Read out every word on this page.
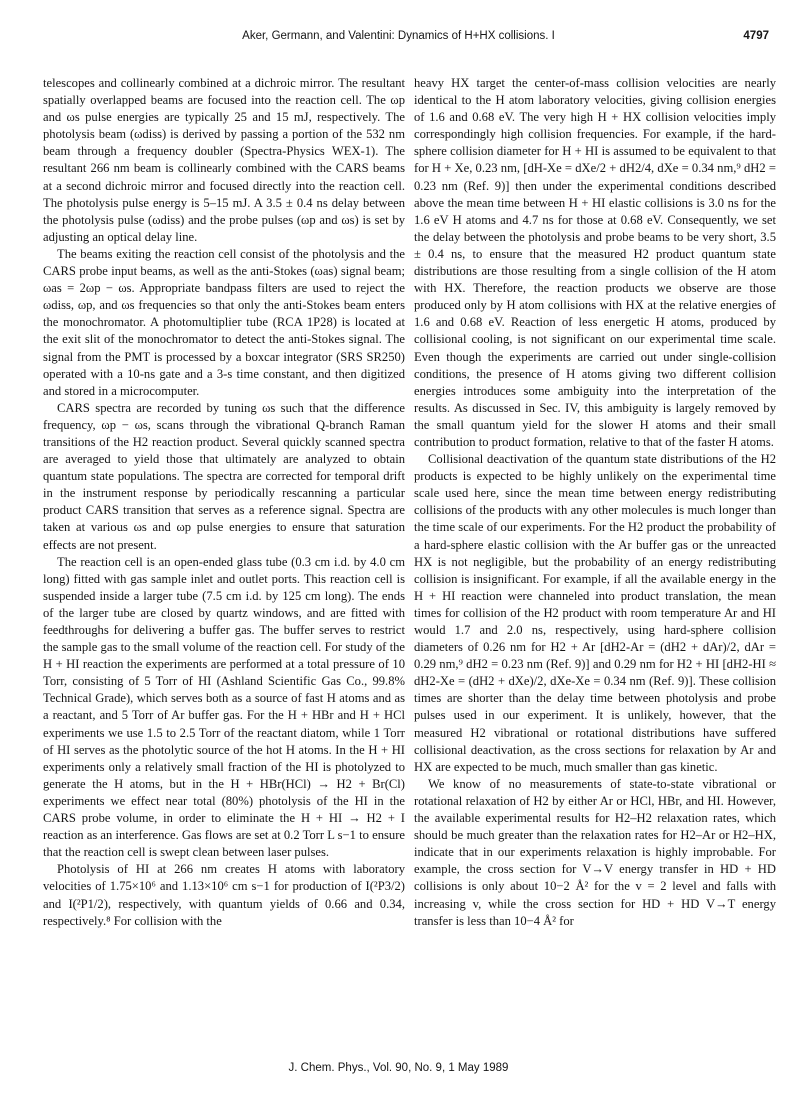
Aker, Germann, and Valentini: Dynamics of H+HX collisions. I	4797

telescopes and collinearly combined at a dichroic mirror. The resultant spatially overlapped beams are focused into the reaction cell. The ωp and ωs pulse energies are typically 25 and 15 mJ, respectively. The photolysis beam (ωdiss) is derived by passing a portion of the 532 nm beam through a frequency doubler (Spectra-Physics WEX-1). The resultant 266 nm beam is collinearly combined with the CARS beams at a second dichroic mirror and focused directly into the reaction cell. The photolysis pulse energy is 5–15 mJ. A 3.5 ± 0.4 ns delay between the photolysis pulse (ωdiss) and the probe pulses (ωp and ωs) is set by adjusting an optical delay line.

The beams exiting the reaction cell consist of the photolysis and the CARS probe input beams, as well as the anti-Stokes (ωas) signal beam; ωas = 2ωp − ωs. Appropriate bandpass filters are used to reject the ωdiss, ωp, and ωs frequencies so that only the anti-Stokes beam enters the monochromator. A photomultiplier tube (RCA 1P28) is located at the exit slit of the monochromator to detect the anti-Stokes signal. The signal from the PMT is processed by a boxcar integrator (SRS SR250) operated with a 10-ns gate and a 3-s time constant, and then digitized and stored in a microcomputer.

CARS spectra are recorded by tuning ωs such that the difference frequency, ωp − ωs, scans through the vibrational Q-branch Raman transitions of the H2 reaction product. Several quickly scanned spectra are averaged to yield those that ultimately are analyzed to obtain quantum state populations. The spectra are corrected for temporal drift in the instrument response by periodically rescanning a particular product CARS transition that serves as a reference signal. Spectra are taken at various ωs and ωp pulse energies to ensure that saturation effects are not present.

The reaction cell is an open-ended glass tube (0.3 cm i.d. by 4.0 cm long) fitted with gas sample inlet and outlet ports. This reaction cell is suspended inside a larger tube (7.5 cm i.d. by 125 cm long). The ends of the larger tube are closed by quartz windows, and are fitted with feedthroughs for delivering a buffer gas. The buffer serves to restrict the sample gas to the small volume of the reaction cell. For study of the H + HI reaction the experiments are performed at a total pressure of 10 Torr, consisting of 5 Torr of HI (Ashland Scientific Gas Co., 99.8% Technical Grade), which serves both as a source of fast H atoms and as a reactant, and 5 Torr of Ar buffer gas. For the H + HBr and H + HCl experiments we use 1.5 to 2.5 Torr of the reactant diatom, while 1 Torr of HI serves as the photolytic source of the hot H atoms. In the H + HI experiments only a relatively small fraction of the HI is photolyzed to generate the H atoms, but in the H + HBr(HCl) → H2 + Br(Cl) experiments we effect near total (80%) photolysis of the HI in the CARS probe volume, in order to eliminate the H + HI → H2 + I reaction as an interference. Gas flows are set at 0.2 Torr L s−1 to ensure that the reaction cell is swept clean between laser pulses.

Photolysis of HI at 266 nm creates H atoms with laboratory velocities of 1.75×10⁶ and 1.13×10⁶ cm s−1 for production of I(²P3/2) and I(²P1/2), respectively, with quantum yields of 0.66 and 0.34, respectively.⁸ For collision with the

heavy HX target the center-of-mass collision velocities are nearly identical to the H atom laboratory velocities, giving collision energies of 1.6 and 0.68 eV. The very high H + HX collision velocities imply correspondingly high collision frequencies. For example, if the hard-sphere collision diameter for H + HI is assumed to be equivalent to that for H + Xe, 0.23 nm, [dH-Xe = dXe/2 + dH2/4, dXe = 0.34 nm,⁹ dH2 = 0.23 nm (Ref. 9)] then under the experimental conditions described above the mean time between H + HI elastic collisions is 3.0 ns for the 1.6 eV H atoms and 4.7 ns for those at 0.68 eV. Consequently, we set the delay between the photolysis and probe beams to be very short, 3.5 ± 0.4 ns, to ensure that the measured H2 product quantum state distributions are those resulting from a single collision of the H atom with HX. Therefore, the reaction products we observe are those produced only by H atom collisions with HX at the relative energies of 1.6 and 0.68 eV. Reaction of less energetic H atoms, produced by collisional cooling, is not significant on our experimental time scale. Even though the experiments are carried out under single-collision conditions, the presence of H atoms giving two different collision energies introduces some ambiguity into the interpretation of the results. As discussed in Sec. IV, this ambiguity is largely removed by the small quantum yield for the slower H atoms and their small contribution to product formation, relative to that of the faster H atoms.

Collisional deactivation of the quantum state distributions of the H2 products is expected to be highly unlikely on the experimental time scale used here, since the mean time between energy redistributing collisions of the products with any other molecules is much longer than the time scale of our experiments. For the H2 product the probability of a hard-sphere elastic collision with the Ar buffer gas or the unreacted HX is not negligible, but the probability of an energy redistributing collision is insignificant. For example, if all the available energy in the H + HI reaction were channeled into product translation, the mean times for collision of the H2 product with room temperature Ar and HI would 1.7 and 2.0 ns, respectively, using hard-sphere collision diameters of 0.26 nm for H2 + Ar [dH2-Ar = (dH2 + dAr)/2, dAr = 0.29 nm,⁹ dH2 = 0.23 nm (Ref. 9)] and 0.29 nm for H2 + HI [dH2-HI ≈ dH2-Xe = (dH2 + dXe)/2, dXe-Xe = 0.34 nm (Ref. 9)]. These collision times are shorter than the delay time between photolysis and probe pulses used in our experiment. It is unlikely, however, that the measured H2 vibrational or rotational distributions have suffered collisional deactivation, as the cross sections for relaxation by Ar and HX are expected to be much, much smaller than gas kinetic.

We know of no measurements of state-to-state vibrational or rotational relaxation of H2 by either Ar or HCl, HBr, and HI. However, the available experimental results for H2–H2 relaxation rates, which should be much greater than the relaxation rates for H2–Ar or H2–HX, indicate that in our experiments relaxation is highly improbable. For example, the cross section for V→V energy transfer in HD + HD collisions is only about 10−2 Å² for the v = 2 level and falls with increasing v, while the cross section for HD + HD V→T energy transfer is less than 10−4 Å² for

J. Chem. Phys., Vol. 90, No. 9, 1 May 1989
